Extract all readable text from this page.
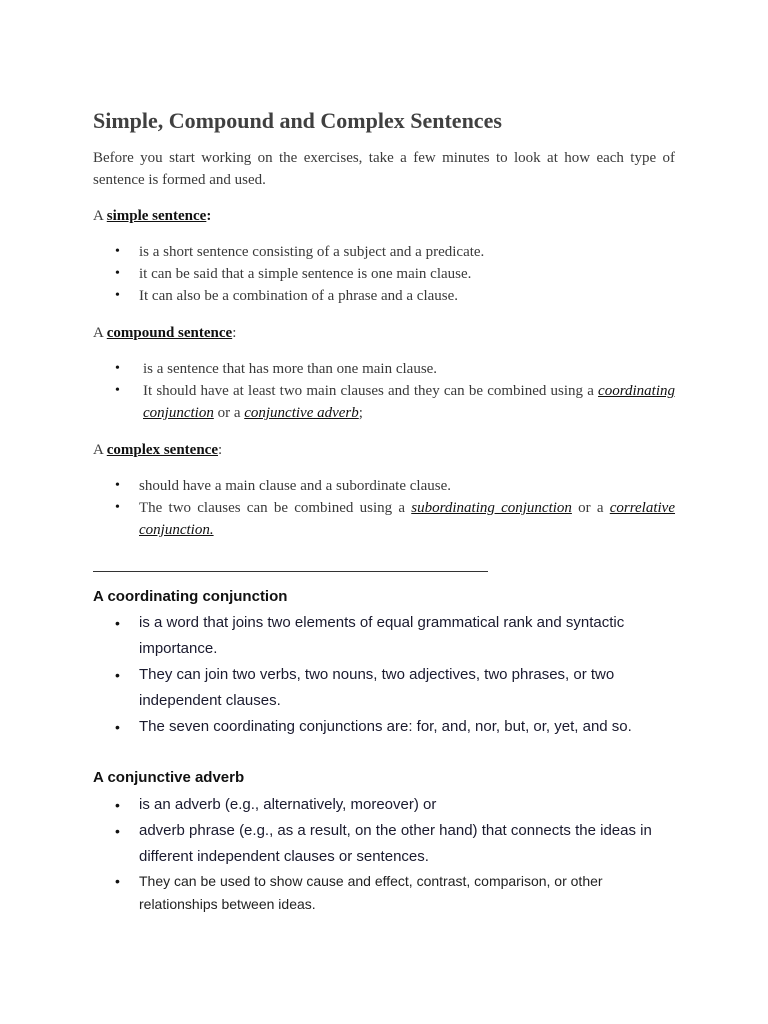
Simple, Compound and Complex Sentences
Before you start working on the exercises, take a few minutes to look at how each type of sentence is formed and used.
A simple sentence:
• is a short sentence consisting of a subject and a predicate.
• it can be said that a simple sentence is one main clause.
• It can also be a combination of a phrase and a clause.
A compound sentence:
• is a sentence that has more than one main clause.
• It should have at least two main clauses and they can be combined using a coordinating conjunction or a conjunctive adverb;
A complex sentence:
• should have a main clause and a subordinate clause.
• The two clauses can be combined using a subordinating conjunction or a correlative conjunction.
A coordinating conjunction
• is a word that joins two elements of equal grammatical rank and syntactic importance.
• They can join two verbs, two nouns, two adjectives, two phrases, or two independent clauses.
• The seven coordinating conjunctions are: for, and, nor, but, or, yet, and so.
A conjunctive adverb
• is an adverb (e.g., alternatively, moreover) or
• adverb phrase (e.g., as a result, on the other hand) that connects the ideas in different independent clauses or sentences.
• They can be used to show cause and effect, contrast, comparison, or other relationships between ideas.
